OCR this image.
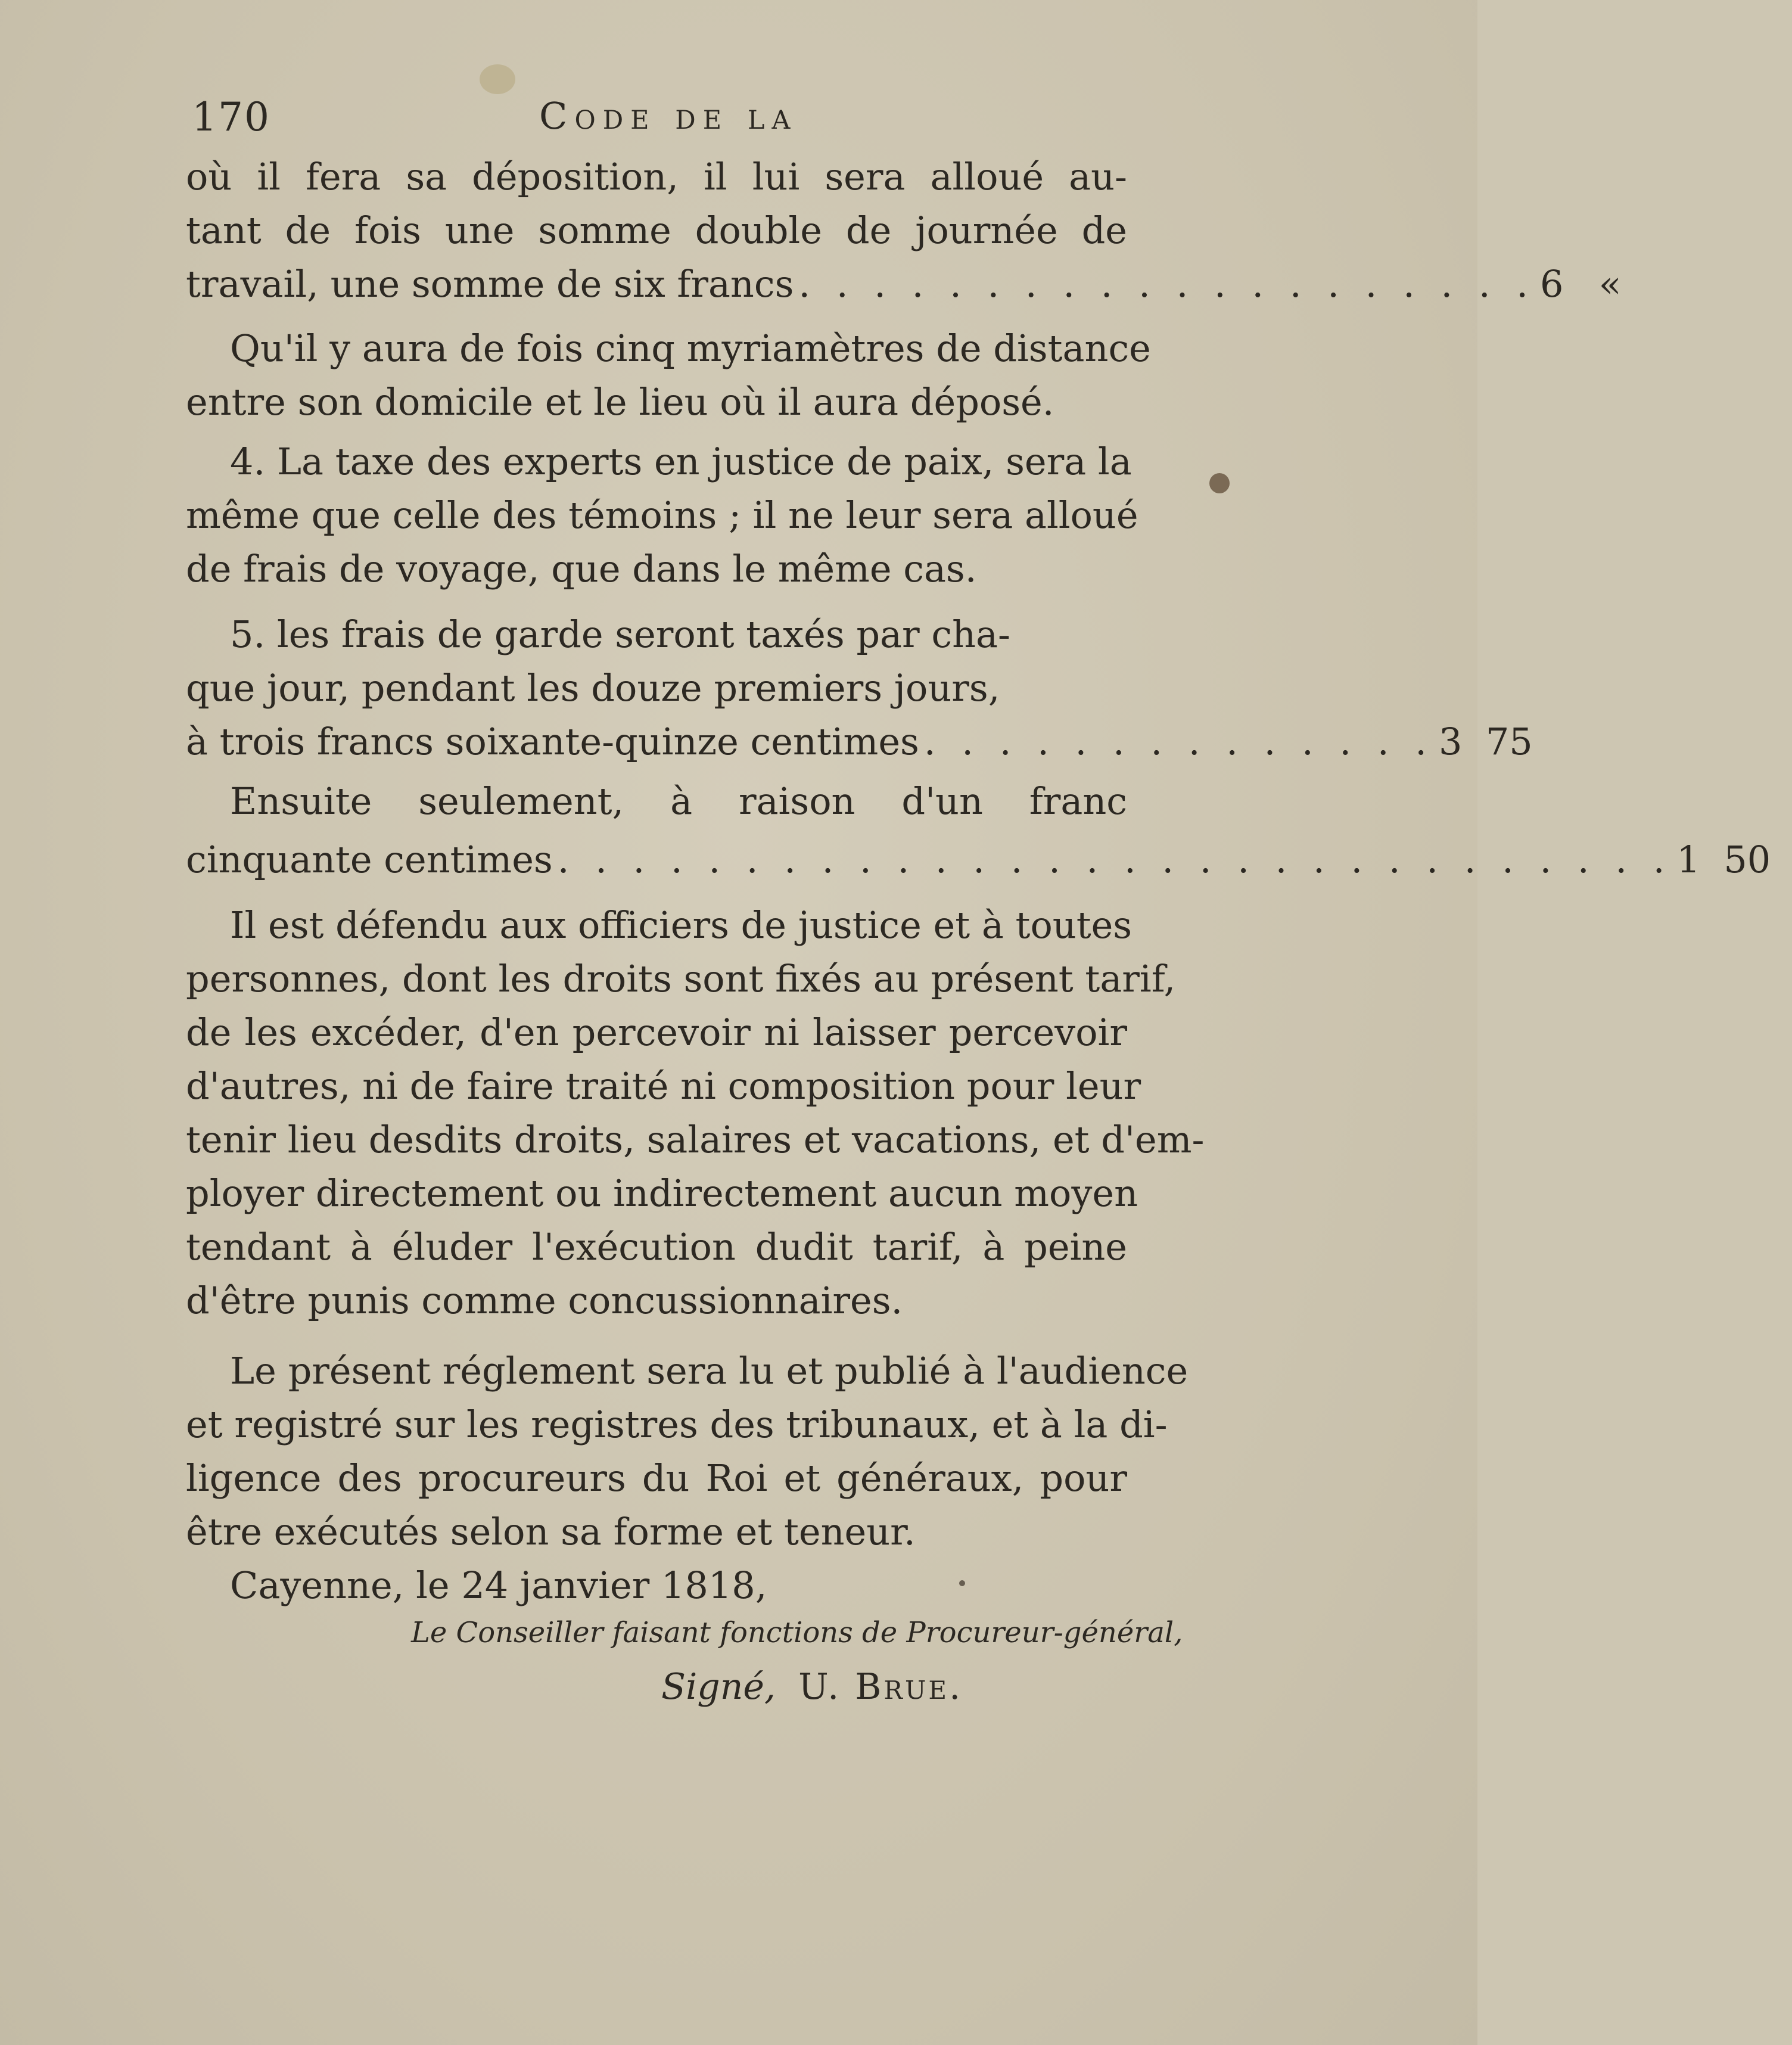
170	Code de la
où il fera sa déposition, il lui sera alloué au-
tant de fois une somme double de journée de
travail, une somme de six francs . . . . . . . . . . . . . . . . . . . . 6   «
Qu'il y aura de fois cinq myriamètres de distance
entre son domicile et le lieu où il aura déposé.
4. La taxe des experts en justice de paix, sera la
même que celle des témoins ; il ne leur sera alloué
de frais de voyage, que dans le même cas.
5. les frais de garde seront taxés par cha-
que jour, pendant les douze premiers jours,
à trois francs soixante-quinze centimes . . . . . . . . . . . . . . 3  75
Ensuite seulement, à raison d'un franc
cinquante centimes . . . . . . . . . . . . . . . . . . . . . . . . . . . . . . 1  50
Il est défendu aux officiers de justice et à toutes
personnes, dont les droits sont fixés au présent tarif,
de les excéder, d'en percevoir ni laisser percevoir
d'autres, ni de faire traité ni composition pour leur
tenir lieu desdits droits, salaires et vacations, et d'em-
ployer directement ou indirectement aucun moyen
tendant à éluder l'exécution dudit tarif, à peine
d'être punis comme concussionnaires.
Le présent réglement sera lu et publié à l'audience
et registré sur les registres des tribunaux, et à la di-
ligence des procureurs du Roi et généraux, pour
être exécutés selon sa forme et teneur.
Cayenne, le 24 janvier 1818,
Le Conseiller faisant fonctions de Procureur-général,
Signé, U. Brue.
